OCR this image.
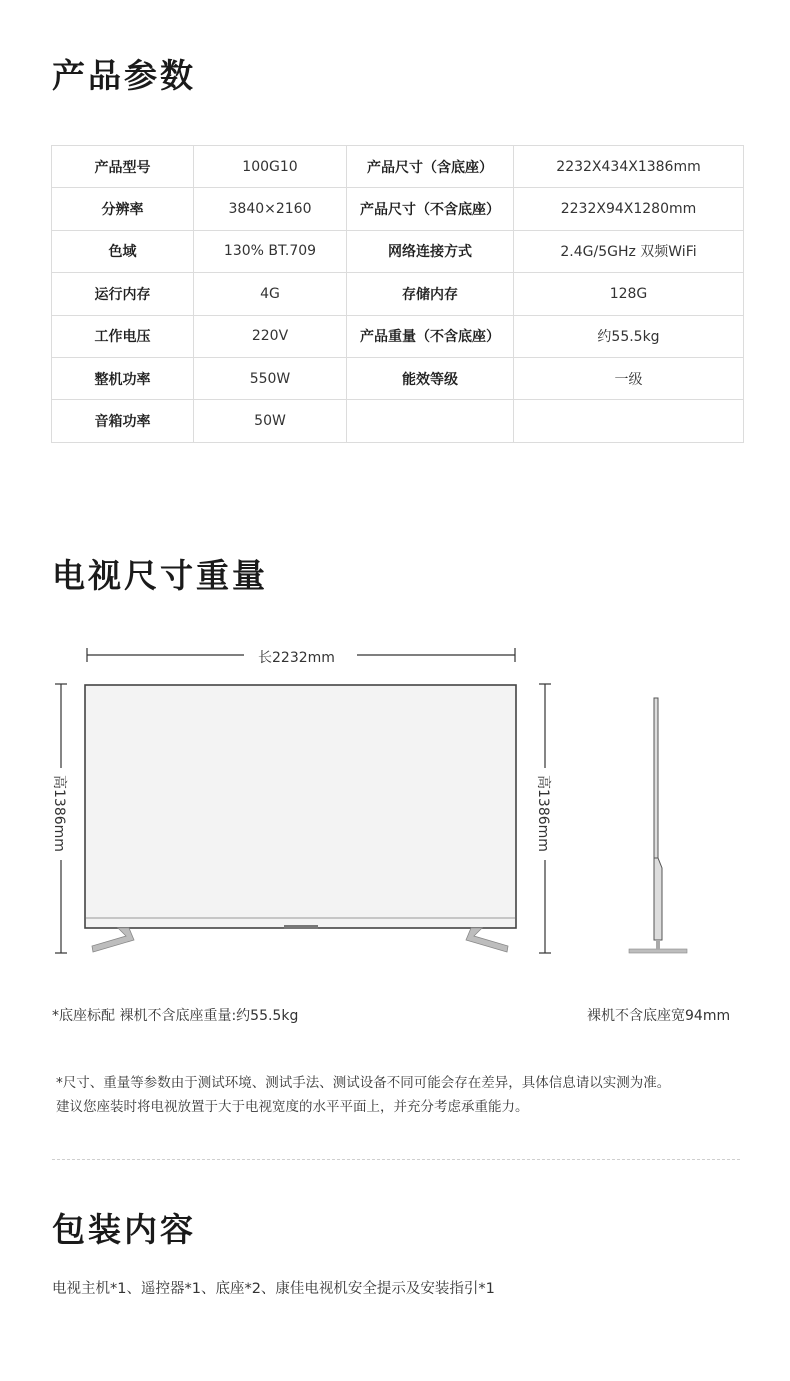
产品参数
产品型号	100G10	产品尺寸（含底座）	2232X434X1386mm
分辨率	3840×2160	产品尺寸（不含底座）	2232X94X1280mm
色域	130% BT.709	网络连接方式	2.4G/5GHz 双频WiFi
运行内存	4G	存储内存	128G
工作电压	220V	产品重量（不含底座）	约55.5kg
整机功率	550W	能效等级	一级
音箱功率	50W		
电视尺寸重量
长2232mm
高1386mm	高1386mm
*底座标配 裸机不含底座重量:约55.5kg	裸机不含底座宽94mm
*尺寸、重量等参数由于测试环境、测试手法、测试设备不同可能会存在差异，具体信息请以实测为准。
建议您座装时将电视放置于大于电视宽度的水平平面上，并充分考虑承重能力。
包装内容
电视主机*1、遥控器*1、底座*2、康佳电视机安全提示及安装指引*1
